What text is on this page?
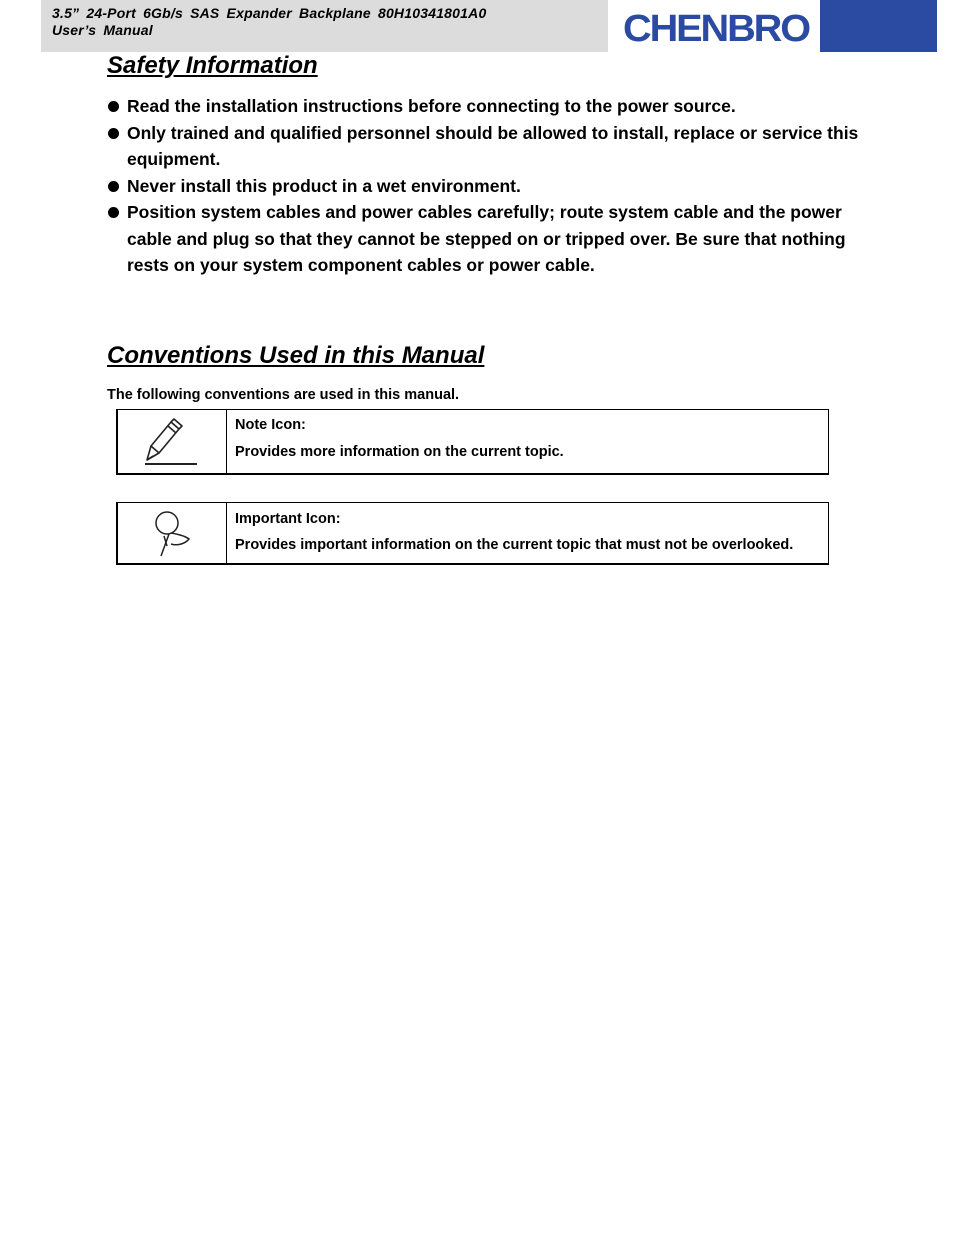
3.5” 24-Port 6Gb/s SAS Expander Backplane 80H10341801A0
User’s Manual	CHENBRO
Safety Information
Read the installation instructions before connecting to the power source.
Only trained and qualified personnel should be allowed to install, replace or service this equipment.
Never install this product in a wet environment.
Position system cables and power cables carefully; route system cable and the power cable and plug so that they cannot be stepped on or tripped over. Be sure that nothing rests on your system component cables or power cable.
Conventions Used in this Manual
The following conventions are used in this manual.
Note Icon:
Provides more information on the current topic.
Important Icon:
Provides important information on the current topic that must not be overlooked.
